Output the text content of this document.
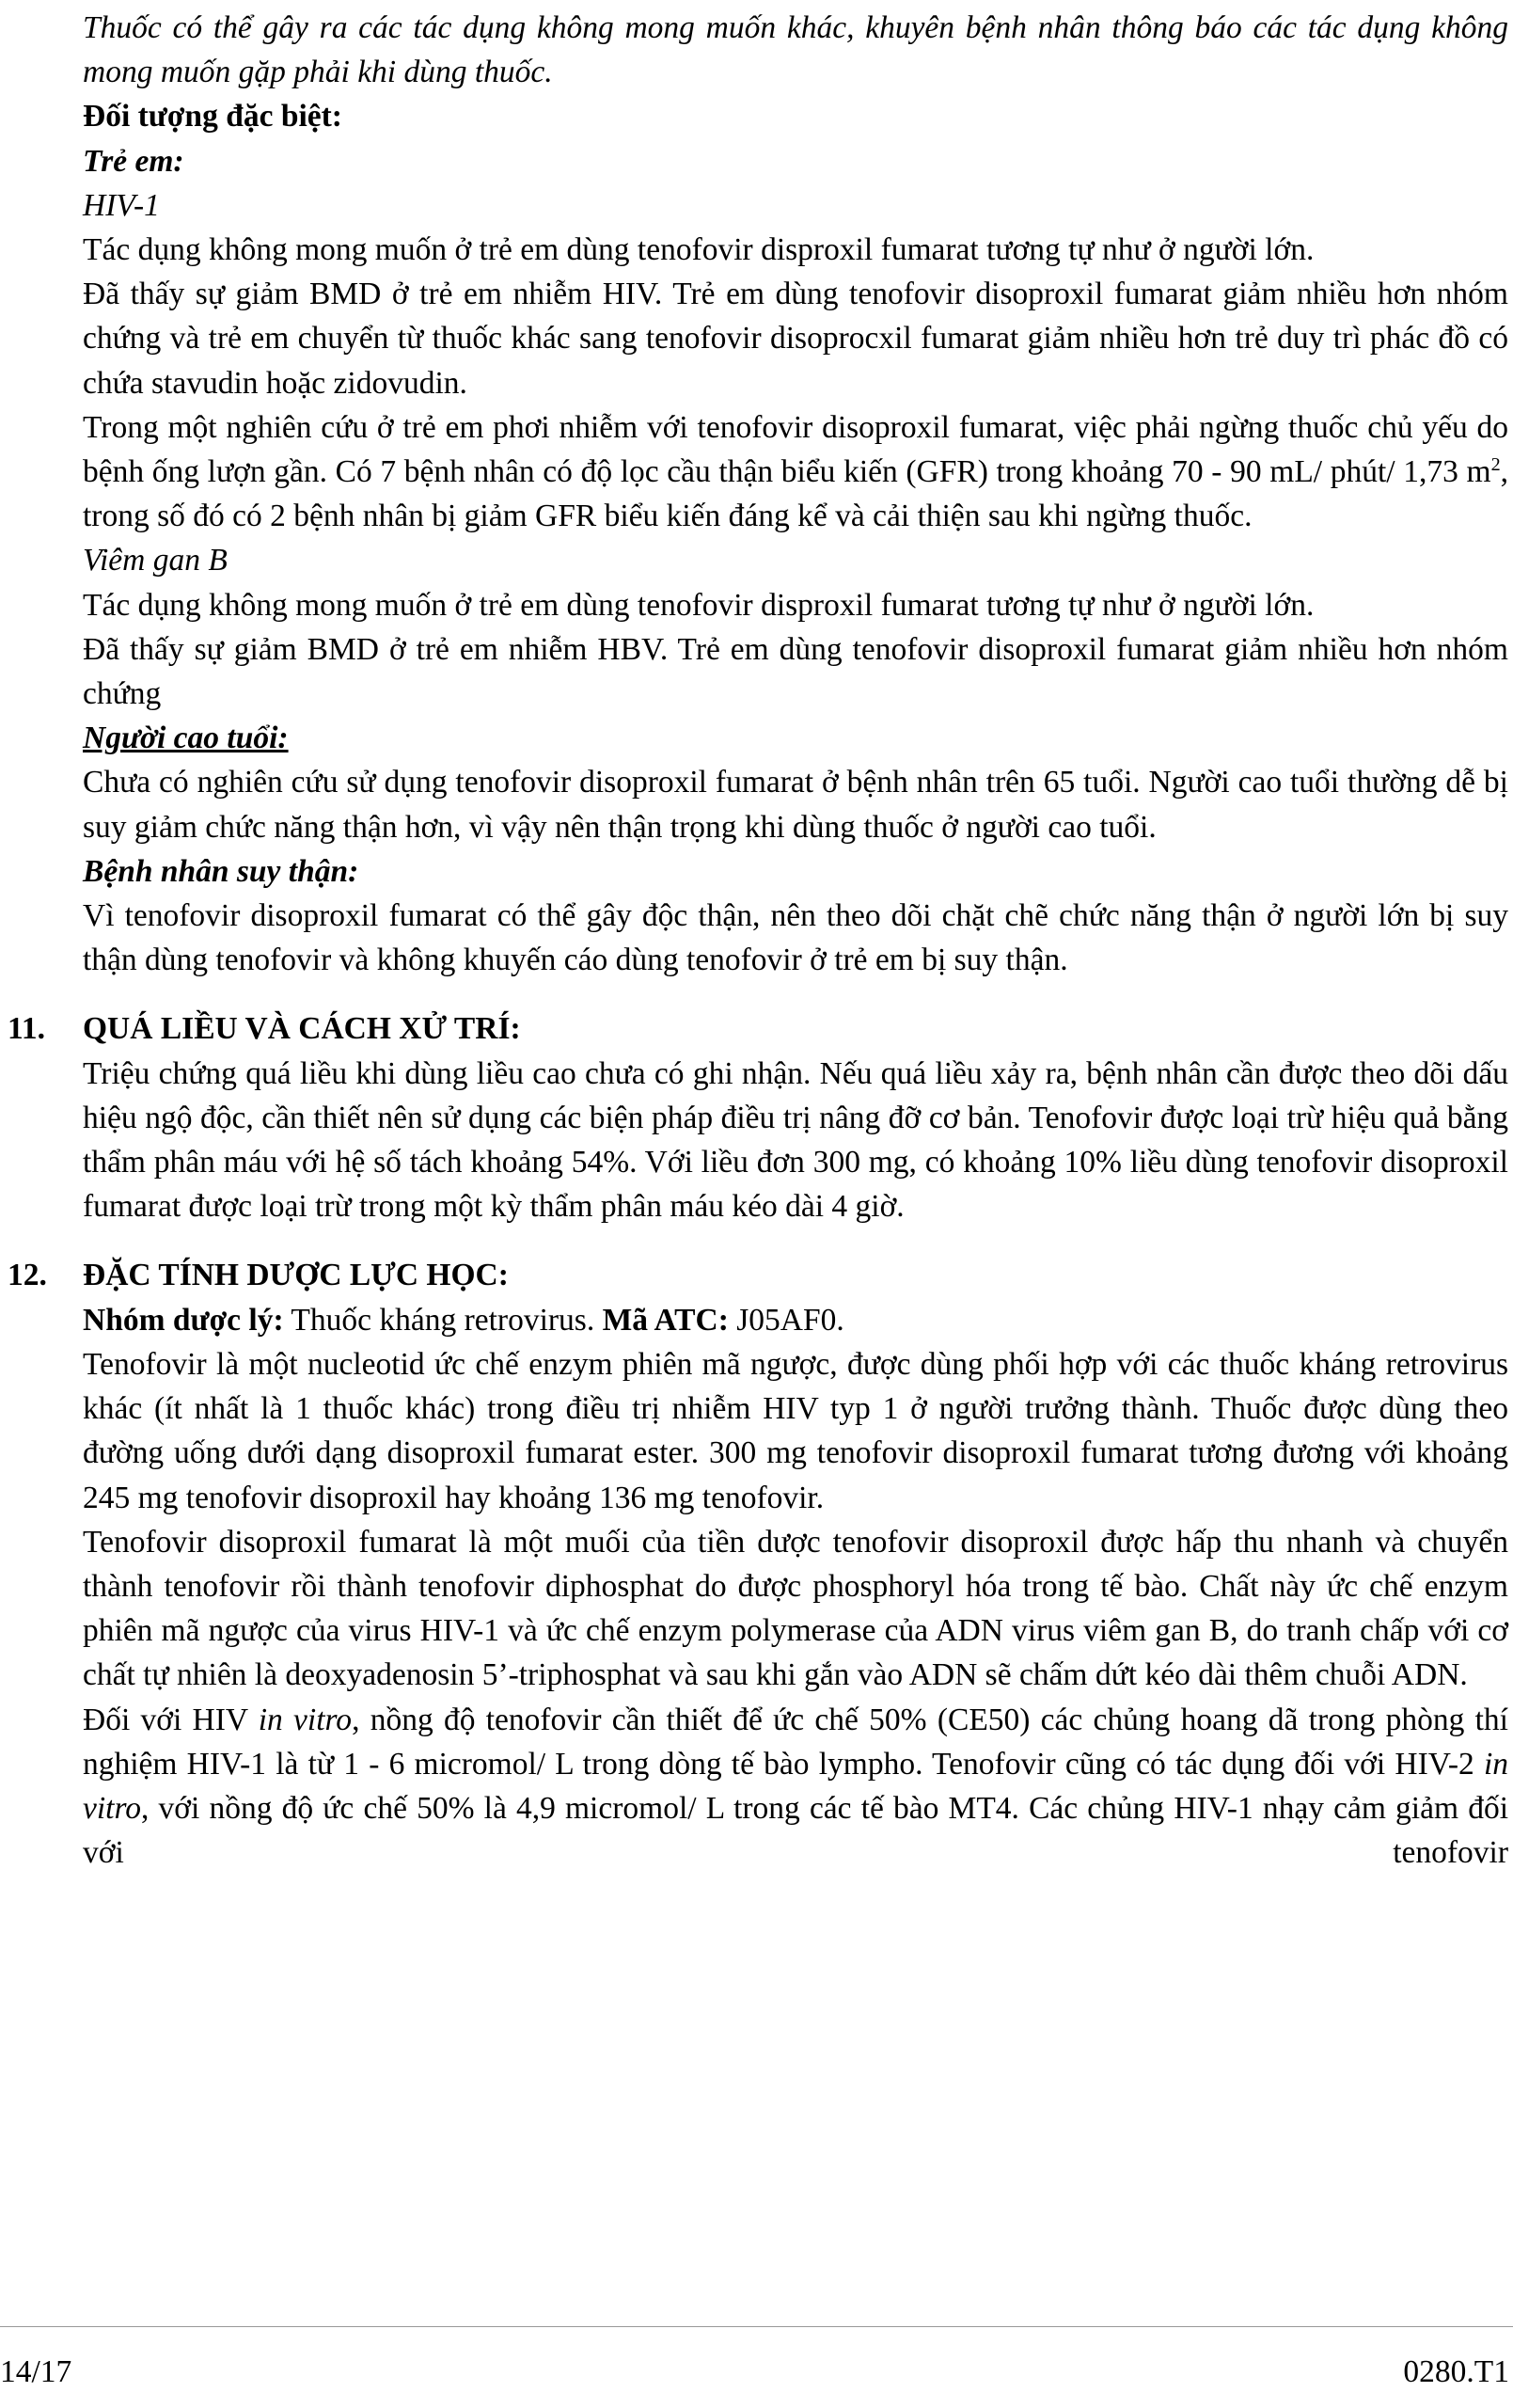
Thuốc có thể gây ra các tác dụng không mong muốn khác, khuyên bệnh nhân thông báo các tác dụng không mong muốn gặp phải khi dùng thuốc.

Đối tượng đặc biệt:

Trẻ em:

HIV-1

Tác dụng không mong muốn ở trẻ em dùng tenofovir disproxil fumarat tương tự như ở người lớn.

Đã thấy sự giảm BMD ở trẻ em nhiễm HIV. Trẻ em dùng tenofovir disoproxil fumarat giảm nhiều hơn nhóm chứng và trẻ em chuyển từ thuốc khác sang tenofovir disoprocxil fumarat giảm nhiều hơn trẻ duy trì phác đồ có chứa stavudin hoặc zidovudin.

Trong một nghiên cứu ở trẻ em phơi nhiễm với tenofovir disoproxil fumarat, việc phải ngừng thuốc chủ yếu do bệnh ống lượn gần. Có 7 bệnh nhân có độ lọc cầu thận biểu kiến (GFR) trong khoảng 70 - 90 mL/ phút/ 1,73 $m^2$, trong số đó có 2 bệnh nhân bị giảm GFR biểu kiến đáng kể và cải thiện sau khi ngừng thuốc.

Viêm gan B

Tác dụng không mong muốn ở trẻ em dùng tenofovir disproxil fumarat tương tự như ở người lớn.

Đã thấy sự giảm BMD ở trẻ em nhiễm HBV. Trẻ em dùng tenofovir disoproxil fumarat giảm nhiều hơn nhóm chứng

Người cao tuổi:

Chưa có nghiên cứu sử dụng tenofovir disoproxil fumarat ở bệnh nhân trên 65 tuổi. Người cao tuổi thường dễ bị suy giảm chức năng thận hơn, vì vậy nên thận trọng khi dùng thuốc ở người cao tuổi.

Bệnh nhân suy thận:

Vì tenofovir disoproxil fumarat có thể gây độc thận, nên theo dõi chặt chẽ chức năng thận ở người lớn bị suy thận dùng tenofovir và không khuyến cáo dùng tenofovir ở trẻ em bị suy thận.

11. QUÁ LIỀU VÀ CÁCH XỬ TRÍ:

Triệu chứng quá liều khi dùng liều cao chưa có ghi nhận. Nếu quá liều xảy ra, bệnh nhân cần được theo dõi dấu hiệu ngộ độc, cần thiết nên sử dụng các biện pháp điều trị nâng đỡ cơ bản. Tenofovir được loại trừ hiệu quả bằng thẩm phân máu với hệ số tách khoảng 54%. Với liều đơn 300 mg, có khoảng 10% liều dùng tenofovir disoproxil fumarat được loại trừ trong một kỳ thẩm phân máu kéo dài 4 giờ.

12. ĐẶC TÍNH DƯỢC LỰC HỌC:

Nhóm dược lý: Thuốc kháng retrovirus. Mã ATC: J05AF0.

Tenofovir là một nucleotid ức chế enzym phiên mã ngược, được dùng phối hợp với các thuốc kháng retrovirus khác (ít nhất là 1 thuốc khác) trong điều trị nhiễm HIV typ 1 ở người trưởng thành. Thuốc được dùng theo đường uống dưới dạng disoproxil fumarat ester. 300 mg tenofovir disoproxil fumarat tương đương với khoảng 245 mg tenofovir disoproxil hay khoảng 136 mg tenofovir.

Tenofovir disoproxil fumarat là một muối của tiền dược tenofovir disoproxil được hấp thu nhanh và chuyển thành tenofovir rồi thành tenofovir diphosphat do được phosphoryl hóa trong tế bào. Chất này ức chế enzym phiên mã ngược của virus HIV-1 và ức chế enzym polymerase của ADN virus viêm gan B, do tranh chấp với cơ chất tự nhiên là deoxyadenosin 5’-triphosphat và sau khi gắn vào ADN sẽ chấm dứt kéo dài thêm chuỗi ADN.

Đối với HIV in vitro, nồng độ tenofovir cần thiết để ức chế 50% (CE50) các chủng hoang dã trong phòng thí nghiệm HIV-1 là từ 1 - 6 micromol/ L trong dòng tế bào lympho. Tenofovir cũng có tác dụng đối với HIV-2 in vitro, với nồng độ ức chế 50% là 4,9 micromol/ L trong các tế bào MT4. Các chủng HIV-1 nhạy cảm giảm đối với tenofovir

14/17	0280.T1
